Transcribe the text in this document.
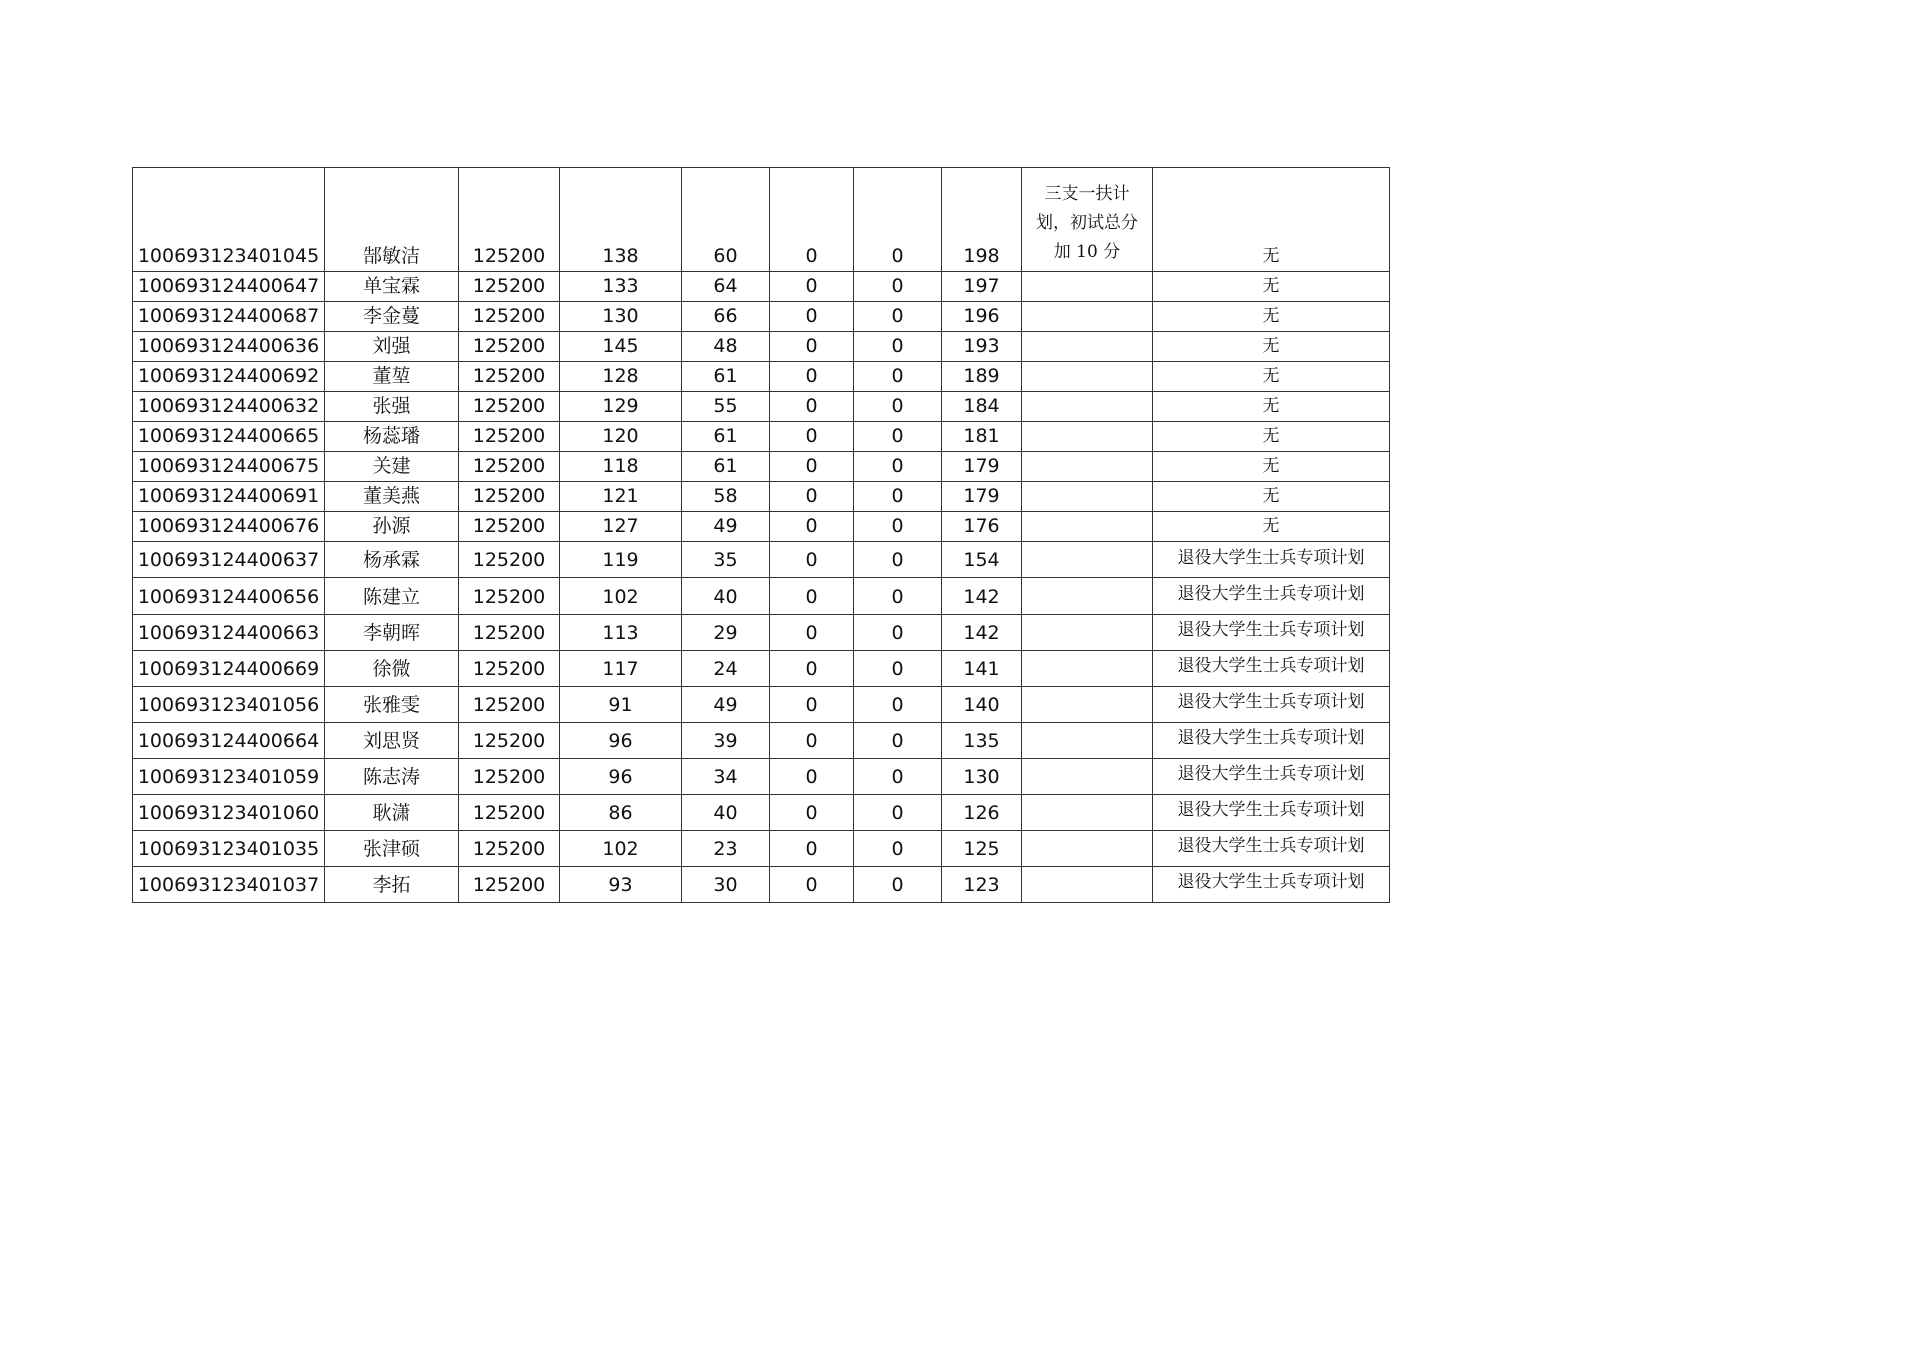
100693123401045	郜敏洁	125200	138	60	0	0	198	三支一扶计划，初试总分加 10 分	无
100693124400647	单宝霖	125200	133	64	0	0	197		无
100693124400687	李金蔓	125200	130	66	0	0	196		无
100693124400636	刘强	125200	145	48	0	0	193		无
100693124400692	董堃	125200	128	61	0	0	189		无
100693124400632	张强	125200	129	55	0	0	184		无
100693124400665	杨蕊璠	125200	120	61	0	0	181		无
100693124400675	关建	125200	118	61	0	0	179		无
100693124400691	董美燕	125200	121	58	0	0	179		无
100693124400676	孙源	125200	127	49	0	0	176		无
100693124400637	杨承霖	125200	119	35	0	0	154		退役大学生士兵专项计划
100693124400656	陈建立	125200	102	40	0	0	142		退役大学生士兵专项计划
100693124400663	李朝晖	125200	113	29	0	0	142		退役大学生士兵专项计划
100693124400669	徐微	125200	117	24	0	0	141		退役大学生士兵专项计划
100693123401056	张雅雯	125200	91	49	0	0	140		退役大学生士兵专项计划
100693124400664	刘思贤	125200	96	39	0	0	135		退役大学生士兵专项计划
100693123401059	陈志涛	125200	96	34	0	0	130		退役大学生士兵专项计划
100693123401060	耿潇	125200	86	40	0	0	126		退役大学生士兵专项计划
100693123401035	张津硕	125200	102	23	0	0	125		退役大学生士兵专项计划
100693123401037	李拓	125200	93	30	0	0	123		退役大学生士兵专项计划
